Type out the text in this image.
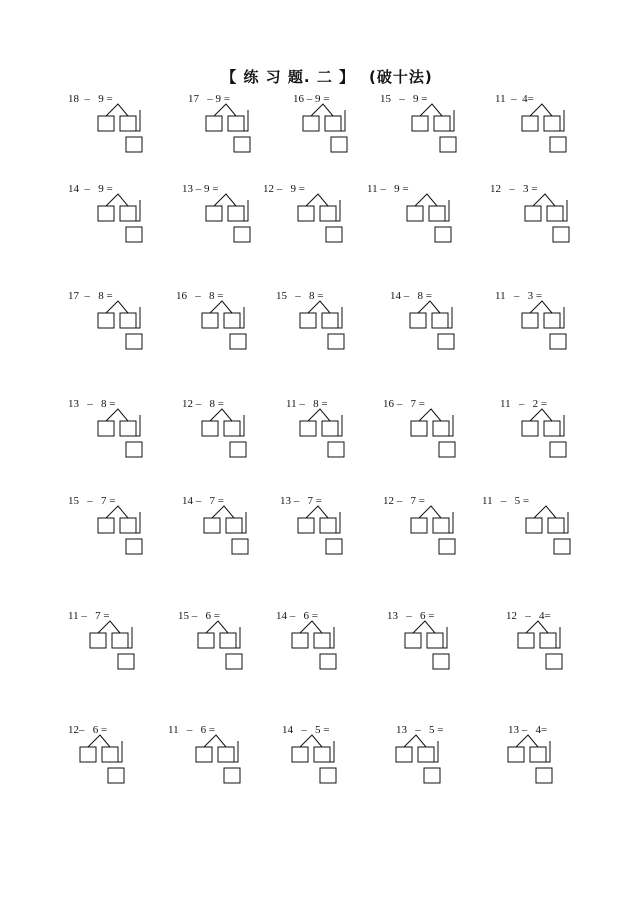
【 练 习 题. 二 】 (破十法)
18  –   9 =	17   – 9 =	16 – 9 =	15   –   9 =	11  –  4=
14  –   9 =	13 – 9 =	12 –   9 =	11 –   9 =	12   –   3 =
17  –   8 =	16   –   8 =	15   –   8 =	14 –   8 =	11   –   3 =
13   –   8 =	12 –   8 =	11 –   8 =	16 –   7 =	11   –   2 =
15   –   7 =	14 –   7 =	13 –   7 =	12 –   7 =	11   –   5 =
11 –   7 =	15 –   6 =	14 –   6 =	13   –   6 =	12   –   4=
12–   6 =	11   –   6 =	14   –   5 =	13   –   5 =	13 –   4=
